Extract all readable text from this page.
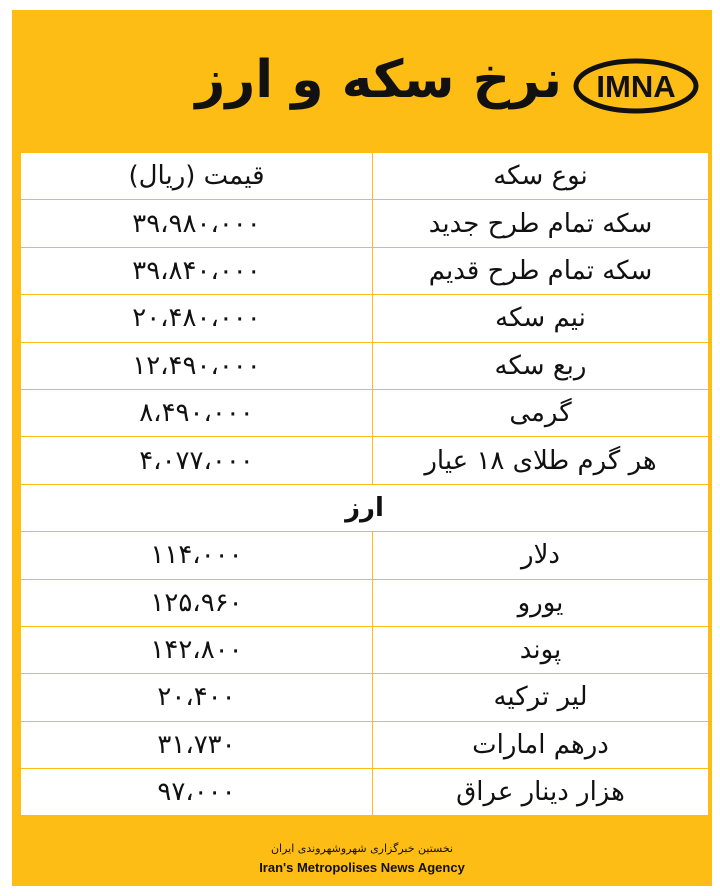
نرخ سکه و ارز IMNA
قیمت (ریال)	نوع سکه
۳۹،۹۸۰،۰۰۰	سکه تمام طرح جدید
۳۹،۸۴۰،۰۰۰	سکه تمام طرح قدیم
۲۰،۴۸۰،۰۰۰	نیم سکه
۱۲،۴۹۰،۰۰۰	ربع سکه
۸،۴۹۰،۰۰۰	گرمی
۴،۰۷۷،۰۰۰	هر گرم طلای ۱۸ عیار
ارز	
۱۱۴،۰۰۰	دلار
۱۲۵،۹۶۰	یورو
۱۴۲،۸۰۰	پوند
۲۰،۴۰۰	لیر ترکیه
۳۱،۷۳۰	درهم امارات
۹۷،۰۰۰	هزار دینار عراق
نخستین خبرگزاری شهرو‌شهروندی ایران
Iran's Metropolises News Agency
